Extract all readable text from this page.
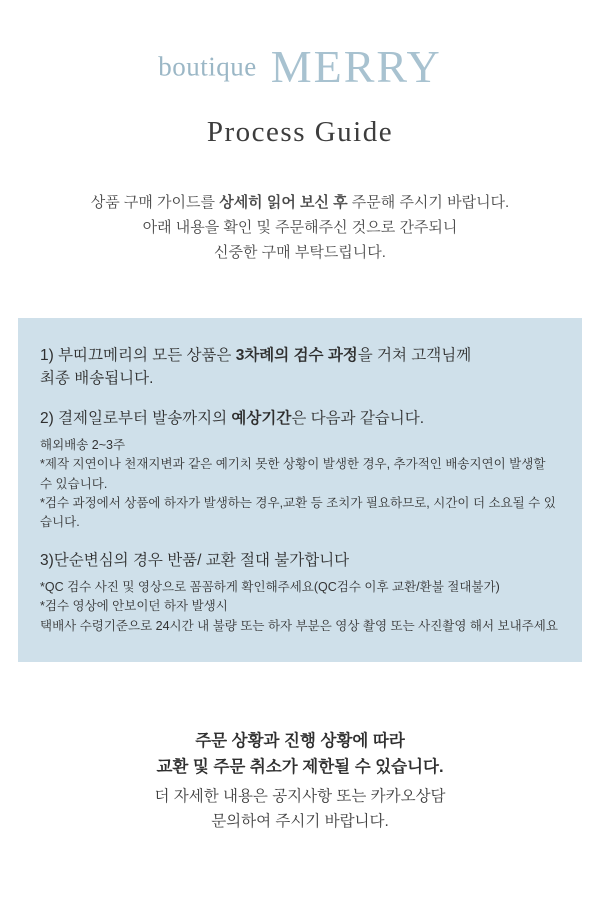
boutique MERRY
Process Guide
상품 구매 가이드를 상세히 읽어 보신 후 주문해 주시기 바랍니다.
아래 내용을 확인 및 주문해주신 것으로 간주되니
신중한 구매 부탁드립니다.
1) 부띠끄메리의 모든 상품은 3차례의 검수 과정을 거쳐 고객님께
최종 배송됩니다.
2) 결제일로부터 발송까지의 예상기간은 다음과 같습니다.
해외배송 2~3주
*제작 지연이나 천재지변과 같은 예기치 못한 상황이 발생한 경우, 추가적인 배송지연이 발생할 수 있습니다.
*검수 과정에서 상품에 하자가 발생하는 경우,교환 등 조치가 필요하므로, 시간이 더 소요될 수 있습니다.
3)단순변심의 경우 반품/ 교환 절대 불가합니다
*QC 검수 사진 및 영상으로 꼼꼼하게 확인해주세요(QC검수 이후 교환/환불 절대불가)
*검수 영상에 안보이던 하자 발생시
택배사 수령기준으로 24시간 내 불량 또는 하자 부분은 영상 촬영 또는 사진촬영 해서 보내주세요
주문 상황과 진행 상황에 따라
교환 및 주문 취소가 제한될 수 있습니다.
더 자세한 내용은 공지사항 또는 카카오상담
문의하여 주시기 바랍니다.
